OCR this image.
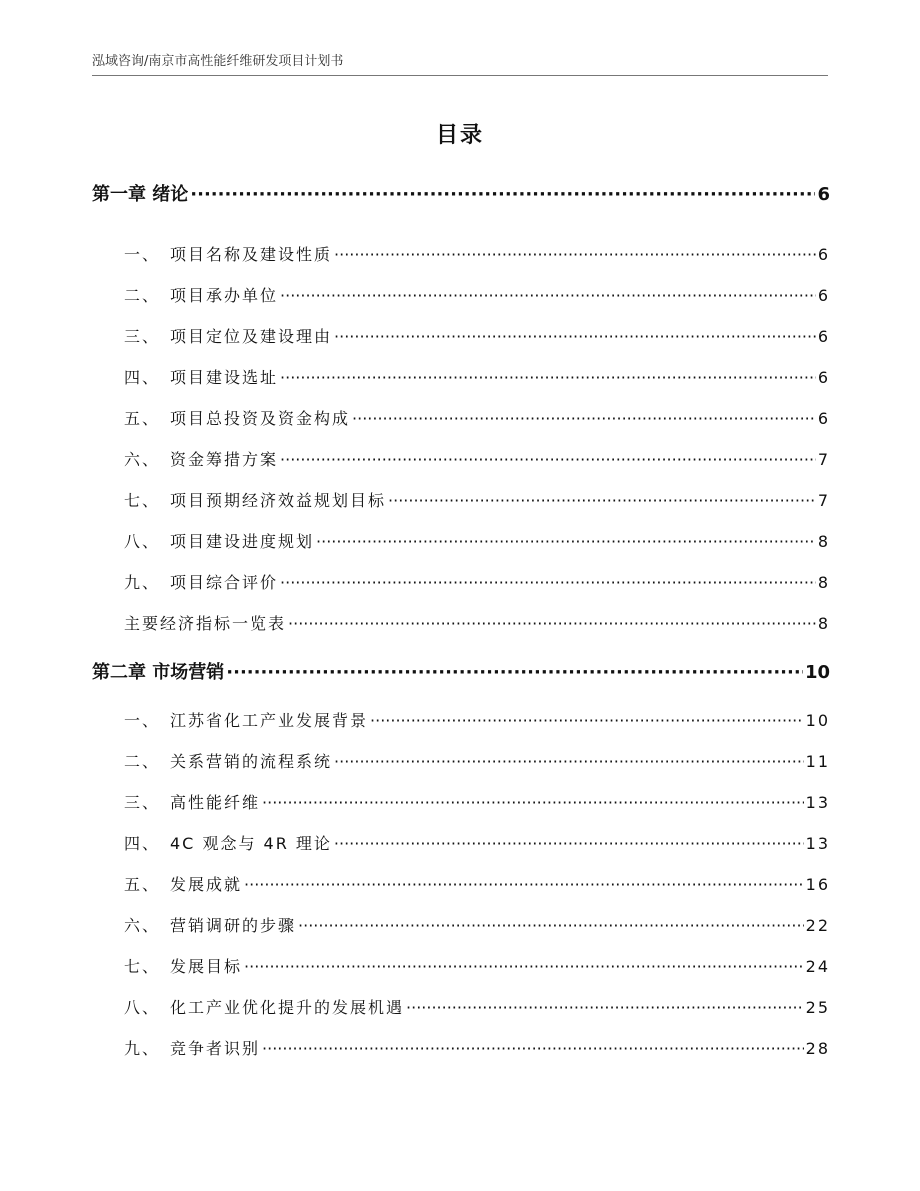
泓域咨询/南京市高性能纤维研发项目计划书
目录
第一章 绪论 ·····	6
一、 项目名称及建设性质 ·····	6
二、 项目承办单位 ·····	6
三、 项目定位及建设理由 ·····	6
四、 项目建设选址 ·····	6
五、 项目总投资及资金构成 ·····	6
六、 资金筹措方案 ·····	7
七、 项目预期经济效益规划目标 ·····	7
八、 项目建设进度规划 ·····	8
九、 项目综合评价 ·····	8
主要经济指标一览表 ·····	8
第二章 市场营销 ·····	10
一、 江苏省化工产业发展背景 ·····	10
二、 关系营销的流程系统 ·····	11
三、 高性能纤维 ·····	13
四、 4C 观念与 4R 理论 ·····	13
五、 发展成就 ·····	16
六、 营销调研的步骤 ·····	22
七、 发展目标 ·····	24
八、 化工产业优化提升的发展机遇 ·····	25
九、 竞争者识别 ·····	28
